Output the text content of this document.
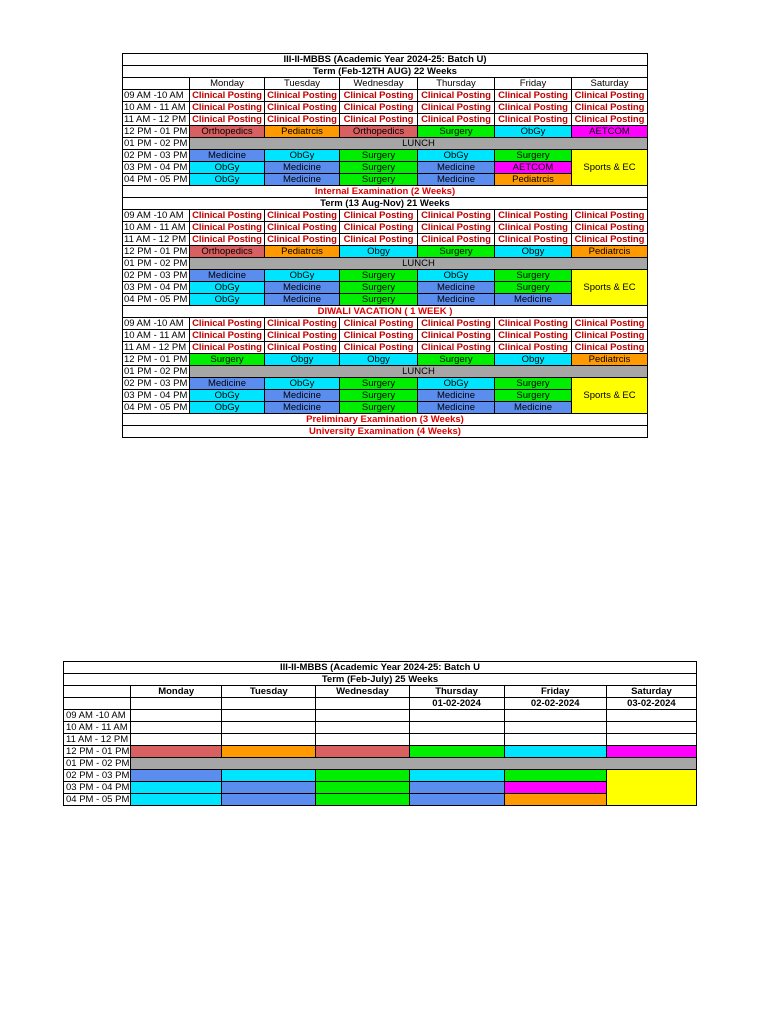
III-II-MBBS (Academic Year 2024-25: Batch U)						
Term (Feb-12TH AUG) 22 Weeks						
	Monday	Tuesday	Wednesday	Thursday	Friday	Saturday
09 AM -10 AM	Clinical Posting	Clinical Posting	Clinical Posting	Clinical Posting	Clinical Posting	Clinical Posting
10 AM - 11 AM	Clinical Posting	Clinical Posting	Clinical Posting	Clinical Posting	Clinical Posting	Clinical Posting
11 AM - 12 PM	Clinical Posting	Clinical Posting	Clinical Posting	Clinical Posting	Clinical Posting	Clinical Posting
12 PM - 01 PM	Orthopedics	Pediatrcis	Orthopedics	Surgery	ObGy	AETCOM
01 PM - 02 PM	LUNCH					
02 PM - 03 PM	Medicine	ObGy	Surgery	ObGy	Surgery	Sports & EC
03 PM - 04 PM	ObGy	Medicine	Surgery	Medicine	AETCOM	
04 PM - 05 PM	ObGy	Medicine	Surgery	Medicine	Pediatrcis	
Internal Examination (2 Weeks)						
Term (13 Aug-Nov) 21 Weeks						
09 AM -10 AM	Clinical Posting	Clinical Posting	Clinical Posting	Clinical Posting	Clinical Posting	Clinical Posting
10 AM - 11 AM	Clinical Posting	Clinical Posting	Clinical Posting	Clinical Posting	Clinical Posting	Clinical Posting
11 AM - 12 PM	Clinical Posting	Clinical Posting	Clinical Posting	Clinical Posting	Clinical Posting	Clinical Posting
12 PM - 01 PM	Orthopedics	Pediatrcis	Obgy	Surgery	Obgy	Pediatrcis
01 PM - 02 PM	LUNCH					
02 PM - 03 PM	Medicine	ObGy	Surgery	ObGy	Surgery	Sports & EC
03 PM - 04 PM	ObGy	Medicine	Surgery	Medicine	Surgery	
04 PM - 05 PM	ObGy	Medicine	Surgery	Medicine	Medicine	
DIWALI VACATION ( 1 WEEK )						
09 AM -10 AM	Clinical Posting	Clinical Posting	Clinical Posting	Clinical Posting	Clinical Posting	Clinical Posting
10 AM - 11 AM	Clinical Posting	Clinical Posting	Clinical Posting	Clinical Posting	Clinical Posting	Clinical Posting
11 AM - 12 PM	Clinical Posting	Clinical Posting	Clinical Posting	Clinical Posting	Clinical Posting	Clinical Posting
12 PM - 01 PM	Surgery	Obgy	Obgy	Surgery	Obgy	Pediatrcis
01 PM - 02 PM	LUNCH					
02 PM - 03 PM	Medicine	ObGy	Surgery	ObGy	Surgery	Sports & EC
03 PM - 04 PM	ObGy	Medicine	Surgery	Medicine	Surgery	
04 PM - 05 PM	ObGy	Medicine	Surgery	Medicine	Medicine	
Preliminary Examination (3 Weeks)						
University Examination (4 Weeks)						
III-II-MBBS (Academic Year 2024-25: Batch U						
Term (Feb-July) 25 Weeks						
	Monday	Tuesday	Wednesday	Thursday	Friday	Saturday
				01-02-2024	02-02-2024	03-02-2024
09 AM -10 AM						
10 AM - 11 AM						
11 AM - 12 PM						
12 PM - 01 PM						
01 PM - 02 PM						
02 PM - 03 PM						
03 PM - 04 PM						
04 PM - 05 PM						
